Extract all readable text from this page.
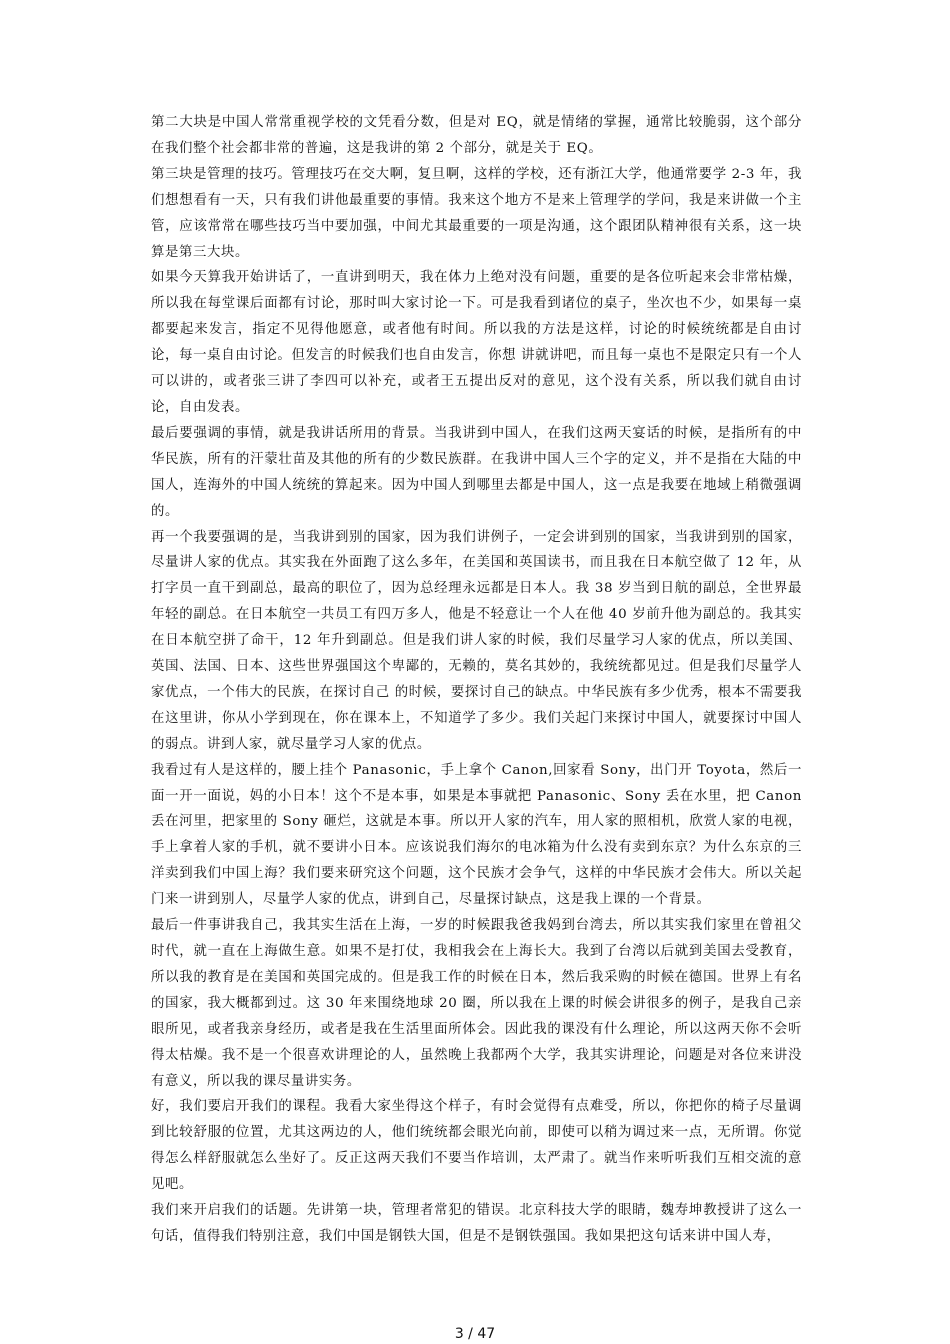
第二大块是中国人常常重视学校的文凭看分数，但是对 EQ，就是情绪的掌握，通常比较脆弱，这个部分在我们整个社会都非常的普遍，这是我讲的第 2 个部分，就是关于 EQ。

第三块是管理的技巧。管理技巧在交大啊，复旦啊，这样的学校，还有浙江大学，他通常要学 2-3 年，我们想想看有一天，只有我们讲他最重要的事情。我来这个地方不是来上管理学的学问，我是来讲做一个主管，应该常常在哪些技巧当中要加强，中间尤其最重要的一项是沟通，这个跟团队精神很有关系，这一块算是第三大块。

如果今天算我开始讲话了，一直讲到明天，我在体力上绝对没有问题，重要的是各位听起来会非常枯燥，所以我在每堂课后面都有讨论，那时叫大家讨论一下。可是我看到诸位的桌子，坐次也不少，如果每一桌都要起来发言，指定不见得他愿意，或者他有时间。所以我的方法是这样，讨论的时候统统都是自由讨论，每一桌自由讨论。但发言的时候我们也自由发言，你想 讲就讲吧，而且每一桌也不是限定只有一个人可以讲的，或者张三讲了李四可以补充，或者王五提出反对的意见，这个没有关系，所以我们就自由讨论，自由发表。

最后要强调的事情，就是我讲话所用的背景。当我讲到中国人，在我们这两天宴话的时候，是指所有的中华民族，所有的汗蒙壮苗及其他的所有的少数民族群。在我讲中国人三个字的定义，并不是指在大陆的中国人，连海外的中国人统统的算起来。因为中国人到哪里去都是中国人，这一点是我要在地域上稍微强调的。

再一个我要强调的是，当我讲到别的国家，因为我们讲例子，一定会讲到别的国家，当我讲到别的国家，尽量讲人家的优点。其实我在外面跑了这么多年，在美国和英国读书，而且我在日本航空做了 12 年，从打字员一直干到副总，最高的职位了，因为总经理永远都是日本人。我 38 岁当到日航的副总，全世界最年轻的副总。在日本航空一共员工有四万多人，他是不轻意让一个人在他 40 岁前升他为副总的。我其实在日本航空拼了命干，12 年升到副总。但是我们讲人家的时候，我们尽量学习人家的优点，所以美国、英国、法国、日本、这些世界强国这个卑鄙的，无赖的，莫名其妙的，我统统都见过。但是我们尽量学人家优点，一个伟大的民族，在探讨自己 的时候，要探讨自己的缺点。中华民族有多少优秀，根本不需要我在这里讲，你从小学到现在，你在课本上，不知道学了多少。我们关起门来探讨中国人，就要探讨中国人的弱点。讲到人家，就尽量学习人家的优点。

我看过有人是这样的，腰上挂个 Panasonic，手上拿个 Canon,回家看 Sony，出门开 Toyota，然后一面一开一面说，妈的小日本！这个不是本事，如果是本事就把 Panasonic、Sony 丢在水里，把 Canon 丢在河里，把家里的 Sony 砸烂，这就是本事。所以开人家的汽车，用人家的照相机，欣赏人家的电视，手上拿着人家的手机，就不要讲小日本。应该说我们海尔的电冰箱为什么没有卖到东京？为什么东京的三洋卖到我们中国上海？我们要来研究这个问题，这个民族才会争气，这样的中华民族才会伟大。所以关起门来一讲到别人，尽量学人家的优点，讲到自己，尽量探讨缺点，这是我上课的一个背景。

最后一件事讲我自己，我其实生活在上海，一岁的时候跟我爸我妈到台湾去，所以其实我们家里在曾祖父时代，就一直在上海做生意。如果不是打仗，我相我会在上海长大。我到了台湾以后就到美国去受教育，所以我的教育是在美国和英国完成的。但是我工作的时候在日本，然后我采购的时候在德国。世界上有名的国家，我大概都到过。这 30 年来围绕地球 20 圈，所以我在上课的时候会讲很多的例子，是我自己亲眼所见，或者我亲身经历，或者是我在生活里面所体会。因此我的课没有什么理论，所以这两天你不会听得太枯燥。我不是一个很喜欢讲理论的人，虽然晚上我都两个大学，我其实讲理论，问题是对各位来讲没有意义，所以我的课尽量讲实务。

好，我们要启开我们的课程。我看大家坐得这个样子，有时会觉得有点难受，所以，你把你的椅子尽量调到比较舒服的位置，尤其这两边的人，他们统统都会眼光向前，即使可以稍为调过来一点，无所谓。你觉得怎么样舒服就怎么坐好了。反正这两天我们不要当作培训，太严肃了。就当作来听听我们互相交流的意见吧。

我们来开启我们的话题。先讲第一块，管理者常犯的错误。北京科技大学的眼睛，魏寿坤教授讲了这么一句话，值得我们特别注意，我们中国是钢铁大国，但是不是钢铁强国。我如果把这句话来讲中国人寿，

3 / 47
